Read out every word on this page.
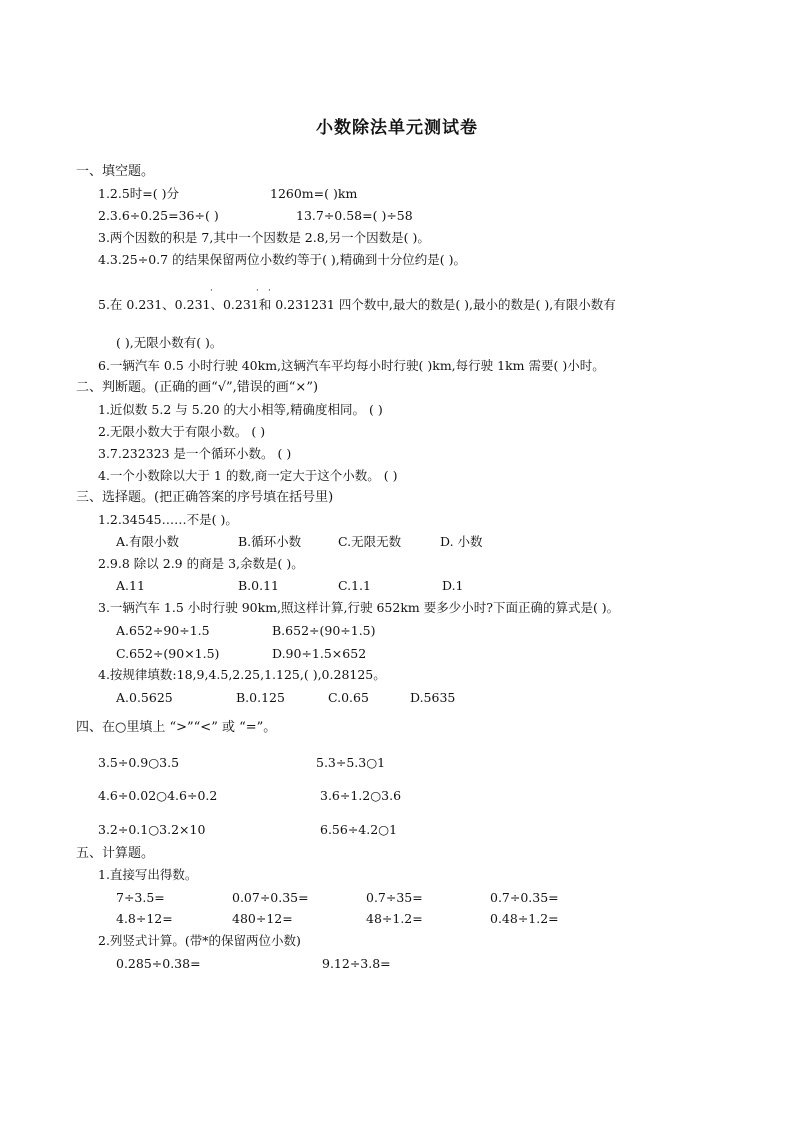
小数除法单元测试卷
一、填空题。
1.2.5时=( )分	1260m=( )km
2.3.6÷0.25=36÷( )	13.7÷0.58=( )÷58
3.两个因数的积是 7,其中一个因数是 2.8,另一个因数是( )。
4.3.25÷0.7 的结果保留两位小数约等于( ),精确到十分位约是( )。
·	· ·
5.在 0.231、0.231、0.231和 0.231231 四个数中,最大的数是( ),最小的数是( ),有限小数有
( ),无限小数有( )。
6.一辆汽车 0.5 小时行驶 40km,这辆汽车平均每小时行驶( )km,每行驶 1km 需要( )小时。
二、判断题。(正确的画“√”,错误的画“×”)
1.近似数 5.2 与 5.20 的大小相等,精确度相同。 ( )
2.无限小数大于有限小数。 ( )
3.7.232323 是一个循环小数。 ( )
4.一个小数除以大于 1 的数,商一定大于这个小数。 ( )
三、选择题。(把正确答案的序号填在括号里)
1.2.34545……不是( )。
A.有限小数	B.循环小数	C.无限无数	D. 小数
2.9.8 除以 2.9 的商是 3,余数是( )。
A.11	B.0.11	C.1.1	D.1
3.一辆汽车 1.5 小时行驶 90km,照这样计算,行驶 652km 要多少小时?下面正确的算式是( )。
A.652÷90÷1.5	B.652÷(90÷1.5)
C.652÷(90×1.5)	D.90÷1.5×652
4.按规律填数:18,9,4.5,2.25,1.125,( ),0.28125。
A.0.5625	B.0.125	C.0.65	D.5635
四、在○里填上 “>”“<” 或 “=”。
3.5÷0.9○3.5	5.3÷5.3○1
4.6÷0.02○4.6÷0.2	3.6÷1.2○3.6
3.2÷0.1○3.2×10	6.56÷4.2○1
五、计算题。
1.直接写出得数。
7÷3.5=	0.07÷0.35=	0.7÷35=	0.7÷0.35=
4.8÷12=	480÷12=	48÷1.2=	0.48÷1.2=
2.列竖式计算。(带*的保留两位小数)
0.285÷0.38=	9.12÷3.8=
